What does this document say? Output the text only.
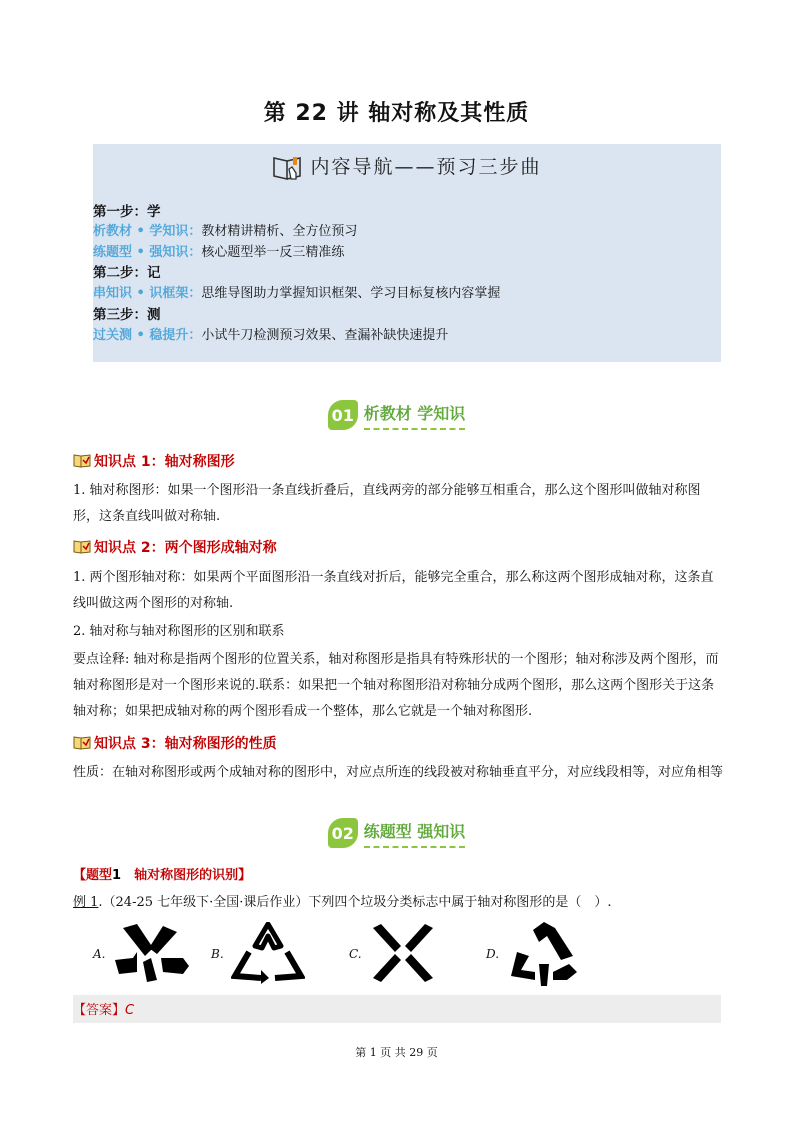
第 22 讲 轴对称及其性质
内容导航——预习三步曲
第一步：学
析教材 • 学知识：教材精讲精析、全方位预习
练题型 • 强知识：核心题型举一反三精准练
第二步：记
串知识 • 识框架：思维导图助力掌握知识框架、学习目标复核内容掌握
第三步：测
过关测 • 稳提升：小试牛刀检测预习效果、查漏补缺快速提升
01 析教材 学知识
知识点 1：轴对称图形
1. 轴对称图形：如果一个图形沿一条直线折叠后，直线两旁的部分能够互相重合，那么这个图形叫做轴对称图形，这条直线叫做对称轴.
知识点 2：两个图形成轴对称
1. 两个图形轴对称：如果两个平面图形沿一条直线对折后，能够完全重合，那么称这两个图形成轴对称，这条直线叫做这两个图形的对称轴.
2. 轴对称与轴对称图形的区别和联系
要点诠释: 轴对称是指两个图形的位置关系，轴对称图形是指具有特殊形状的一个图形；轴对称涉及两个图形，而轴对称图形是对一个图形来说的.联系：如果把一个轴对称图形沿对称轴分成两个图形，那么这两个图形关于这条轴对称；如果把成轴对称的两个图形看成一个整体，那么它就是一个轴对称图形.
知识点 3：轴对称图形的性质
性质：在轴对称图形或两个成轴对称的图形中，对应点所连的线段被对称轴垂直平分，对应线段相等，对应角相等
02 练题型 强知识
【题型1　轴对称图形的识别】
例 1.（24-25 七年级下·全国·课后作业）下列四个垃圾分类标志中属于轴对称图形的是（　）.
A.	B.	C.	D.
【答案】C
第 1 页 共 29 页
